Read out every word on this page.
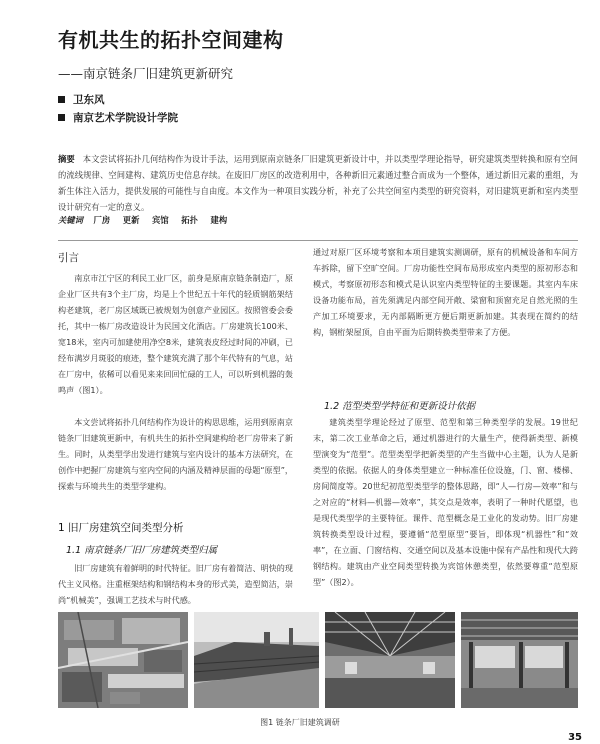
有机共生的拓扑空间建构
——南京链条厂旧建筑更新研究
卫东风
南京艺术学院设计学院
摘要 本文尝试将拓扑几何结构作为设计手法，运用到原南京链条厂旧建筑更新设计中，并以类型学理论指导，研究建筑类型转换和原有空间的流线规律、空间建构、建筑历史信息存续。在废旧厂房区的改造利用中，各种新旧元素通过整合而成为一个整体，通过新旧元素的重组，为新生体注入活力，提供发展的可能性与自由度。本文作为一种项目实践分析，补充了公共空间室内类型的研究资料，对旧建筑更新和室内类型设计研究有一定的意义。
关键词 厂房 更新 宾馆 拓扑 建构
引言

南京市江宁区的利民工业厂区，前身是原南京链条制造厂，原企业厂区共有3个主厂房，均是上个世纪五十年代的轻质钢筋架结构老建筑，老厂房区域既已被规划为创意产业园区。按照管委会委托，其中一栋厂房改造设计为民国文化酒店。厂房建筑长100米、宽18米，室内可加建使用净空8米，建筑表皮经过时间的冲刷，已经布满岁月斑驳的痕迹，整个建筑充满了那个年代特有的气息，站在厂房中，依稀可以看见来来回回忙碌的工人，可以听到机器的轰鸣声（图1）。

本文尝试将拓扑几何结构作为设计的构思思维，运用到原南京链条厂旧建筑更新中，有机共生的拓扑空间建构给老厂房带来了新生。同时，从类型学出发进行建筑与室内设计的基本方法研究，在创作中把握厂房建筑与室内空间的内涵及精神层面的母题“原型”，探索与环境共生的类型学建构。

1 旧厂房建筑空间类型分析
1.1 南京链条厂旧厂房建筑类型归属

旧厂房建筑有着鲜明的时代特征。旧厂房有着简洁、明快的现代主义风格。注重框架结构和钢结构本身的形式美，造型简洁，崇尚“机械美”，强调工艺技术与时代感。

通过对原厂区环境考察和本项目建筑实测调研，原有的机械设备和车间方车拆除，留下空旷空间。厂房功能性空间布局形成室内类型的原初形态和模式，考察原初形态和模式是认识室内类型特征的主要课题。其室内车床设备功能布局，首先须满足内部空间开敞、梁窗和顶窗充足自然光照的生产加工环境要求，无内部隔断更方便后期更新加建。其表现在简约的结构，钢桁架屋顶，自由平面为后期转换类型带来了方便。

1.2 范型类型学特征和更新设计依据

建筑类型学理论经过了原型、范型和第三种类型学的发展。19世纪末，第二次工业革命之后，通过机器进行的大量生产，使得新类型、新模型演变为“范型”。范型类型学把新类型的产生当做中心主题，认为人是新类型的依据。依据人的身体类型建立一种标准任位设施，门、窗、楼梯、房间简度等。20世纪初范型类型学的整体思路，即“人—行房—效率”和与之对应的“材料—机器—效率”，其交点是效率，表明了一种时代愿望，也是现代类型学的主要特征。课件、范型概念是工业化的发动势。旧厂房建筑转换类型设计过程，要遵循“范型原型”要旨，即体现“机器性”和“效率”，在立面、门窗结构、交通空间以及基本设施中保有产品性和现代大跨钢结构。建筑由产业空间类型转换为宾馆休憩类型，依然要尊重“范型原型”（图2）。

图1 链条厂旧建筑调研
35
